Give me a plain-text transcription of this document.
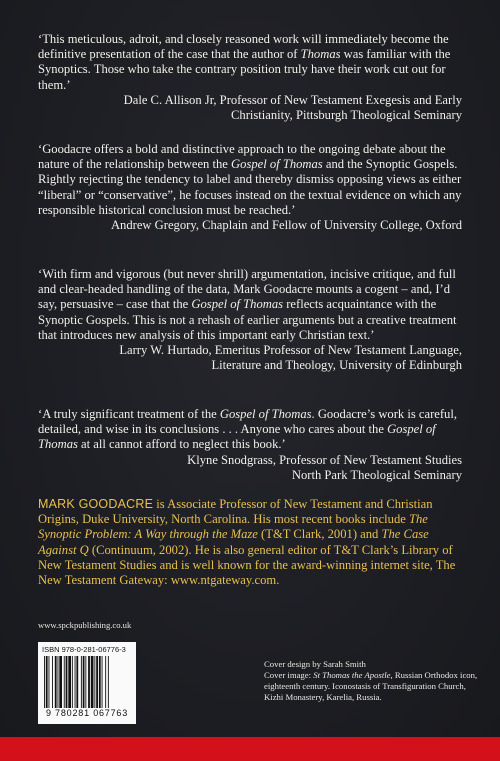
‘This meticulous, adroit, and closely reasoned work will immediately become the definitive presentation of the case that the author of Thomas was familiar with the Synoptics. Those who take the contrary position truly have their work cut out for them.’

Dale C. Allison Jr, Professor of New Testament Exegesis and Early
Christianity, Pittsburgh Theological Seminary

‘Goodacre offers a bold and distinctive approach to the ongoing debate about the nature of the relationship between the Gospel of Thomas and the Synoptic Gospels. Rightly rejecting the tendency to label and thereby dismiss opposing views as either “liberal” or “conservative”, he focuses instead on the textual evidence on which any responsible historical conclusion must be reached.’

Andrew Gregory, Chaplain and Fellow of University College, Oxford

‘With firm and vigorous (but never shrill) argumentation, incisive critique, and full and clear-headed handling of the data, Mark Goodacre mounts a cogent – and, I’d say, persuasive – case that the Gospel of Thomas reflects acquaintance with the Synoptic Gospels. This is not a rehash of earlier arguments but a creative treatment that introduces new analysis of this important early Christian text.’

Larry W. Hurtado, Emeritus Professor of New Testament Language,
Literature and Theology, University of Edinburgh

‘A truly significant treatment of the Gospel of Thomas. Goodacre’s work is careful, detailed, and wise in its conclusions . . . Anyone who cares about the Gospel of Thomas at all cannot afford to neglect this book.’

Klyne Snodgrass, Professor of New Testament Studies
North Park Theological Seminary
MARK GOODACRE is Associate Professor of New Testament and Christian Origins, Duke University, North Carolina. His most recent books include The Synoptic Problem: A Way through the Maze (T&T Clark, 2001) and The Case Against Q (Continuum, 2002). He is also general editor of T&T Clark’s Library of New Testament Studies and is well known for the award-winning internet site, The New Testament Gateway: www.ntgateway.com.
www.spckpublishing.co.uk
ISBN 978-0-281-06776-3
9 780281 067763

Cover design by Sarah Smith

Cover image: St Thomas the Apostle, Russian Orthodox icon, eighteenth century. Iconostasis of Transfiguration Church, Kizhi Monastery, Karelia, Russia.
